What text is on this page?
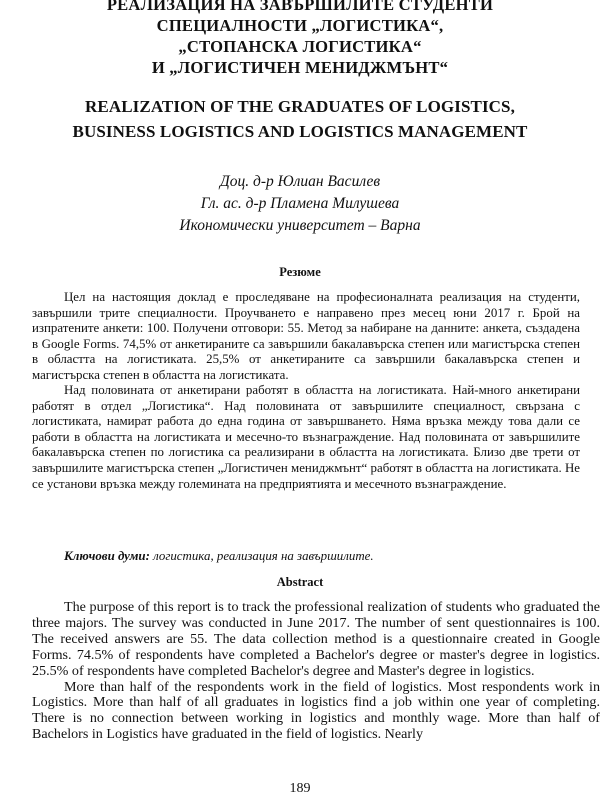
РЕАЛИЗАЦИЯ НА ЗАВЪРШИЛИТЕ СТУДЕНТИ
СПЕЦИАЛНОСТИ „ЛОГИСТИКА“,
„СТОПАНСКА ЛОГИСТИКА“
И „ЛОГИСТИЧЕН МЕНИДЖМЪНТ“
REALIZATION OF THE GRADUATES OF LOGISTICS,
BUSINESS LOGISTICS AND LOGISTICS MANAGEMENT
Доц. д-р Юлиан Василев
Гл. ас. д-р Пламена Милушева
Икономически университет – Варна
Резюме

Цел на настоящия доклад е проследяване на професионалната реализация на студенти, завършили трите специалности. Проучването е направено през месец юни 2017 г. Брой на изпратените анкети: 100. Получени отговори: 55. Метод за набиране на данните: анкета, създадена в Google Forms. 74,5% от анкетираните са завършили бакалавърска степен или магистърска степен в областта на логистиката. 25,5% от анкетираните са завършили бакалавърска степен и магистърска степен в областта на логистиката.

Над половината от анкетирани работят в областта на логистиката. Най-много анкетирани работят в отдел „Логистика“. Над половината от завършилите специалност, свързана с логистиката, намират работа до една година от завършването. Няма връзка между това дали се работи в областта на логистиката и месечно-то възнаграждение. Над половината от завършилите бакалавърска степен по логистика са реализирани в областта на логистиката. Близо две трети от завършилите магистърска степен „Логистичен мениджмънт“ работят в областта на логистиката. Не се установи връзка между големината на предприятията и месечното възнаграждение.

Ключови думи: логистика, реализация на завършилите.
Abstract

The purpose of this report is to track the professional realization of students who graduated the three majors. The survey was conducted in June 2017. The number of sent questionnaires is 100. The received answers are 55. The data collection method is a questionnaire created in Google Forms. 74.5% of respondents have completed a Bachelor's degree or master's degree in logistics. 25.5% of respondents have completed Bachelor's degree and Master's degree in logistics.

More than half of the respondents work in the field of logistics. Most respondents work in Logistics. More than half of all graduates in logistics find a job within one year of completing. There is no connection between working in logistics and monthly wage. More than half of Bachelors in Logistics have graduated in the field of logistics. Nearly

189
